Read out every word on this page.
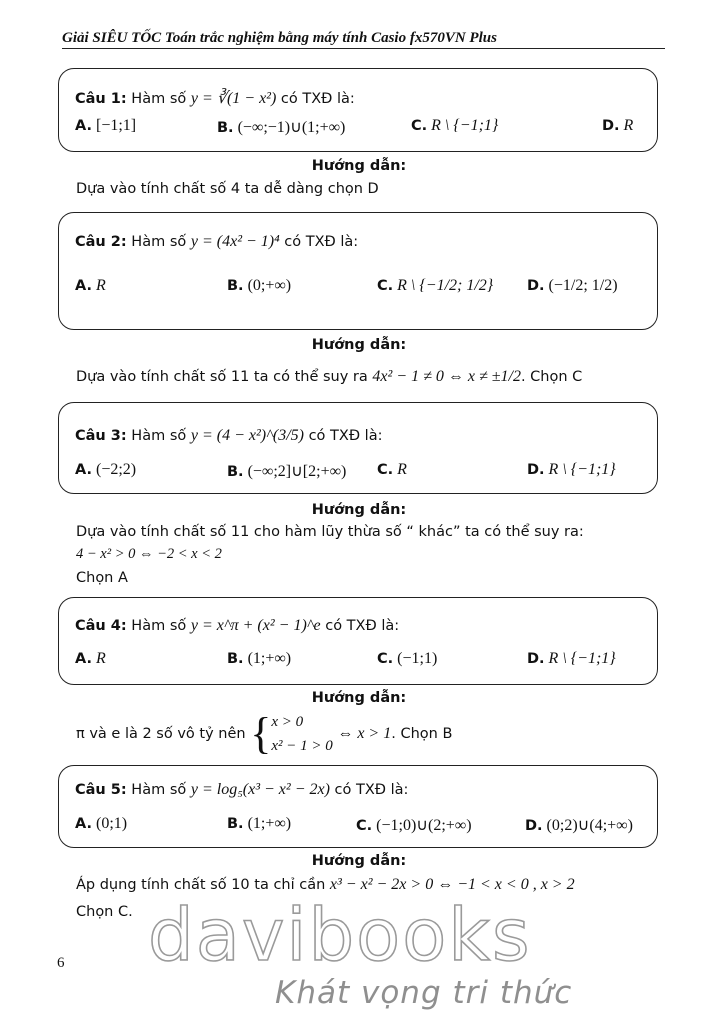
Giải SIÊU TỐC Toán trắc nghiệm bằng máy tính Casio fx570VN Plus
Câu 1: Hàm số y = ∛(1 − x²) có TXĐ là:
A. [−1;1]	B. (−∞;−1)∪(1;+∞)	C. R \ {−1;1}	D. R
Hướng dẫn:
Dựa vào tính chất số 4 ta dễ dàng chọn D
Câu 2: Hàm số y = (4x² − 1)⁴ có TXĐ là:
A. R	B. (0;+∞)	C. R \ {−1/2; 1/2} D. (−1/2; 1/2)
Hướng dẫn:
Dựa vào tính chất số 11 ta có thể suy ra 4x² − 1 ≠ 0 ⇔ x ≠ ±1/2. Chọn C
Câu 3: Hàm số y = (4 − x²)^(3/5) có TXĐ là:
A. (−2;2)	B. (−∞;2]∪[2;+∞) C. R	D. R \ {−1;1}
Hướng dẫn:
Dựa vào tính chất số 11 cho hàm lũy thừa số “ khác” ta có thể suy ra:
4 − x² > 0 ⇔ −2 < x < 2
Chọn A
Câu 4: Hàm số y = x^π + (x² − 1)^e có TXĐ là:
A. R	B. (1;+∞)	C. (−1;1)	D. R \ {−1;1}
Hướng dẫn:
π và e là 2 số vô tỷ nên {x > 0
x² − 1 > 0 ⇔ x > 1. Chọn B
Câu 5: Hàm số y = log₅(x³ − x² − 2x) có TXĐ là:
A. (0;1)	B. (1;+∞)	C. (−1;0)∪(2;+∞)	D. (0;2)∪(4;+∞)
Hướng dẫn:
Áp dụng tính chất số 10 ta chỉ cần x³ − x² − 2x > 0 ⇔ −1 < x < 0 , x > 2
Chọn C. davibooks
Khát vọng tri thức
6
